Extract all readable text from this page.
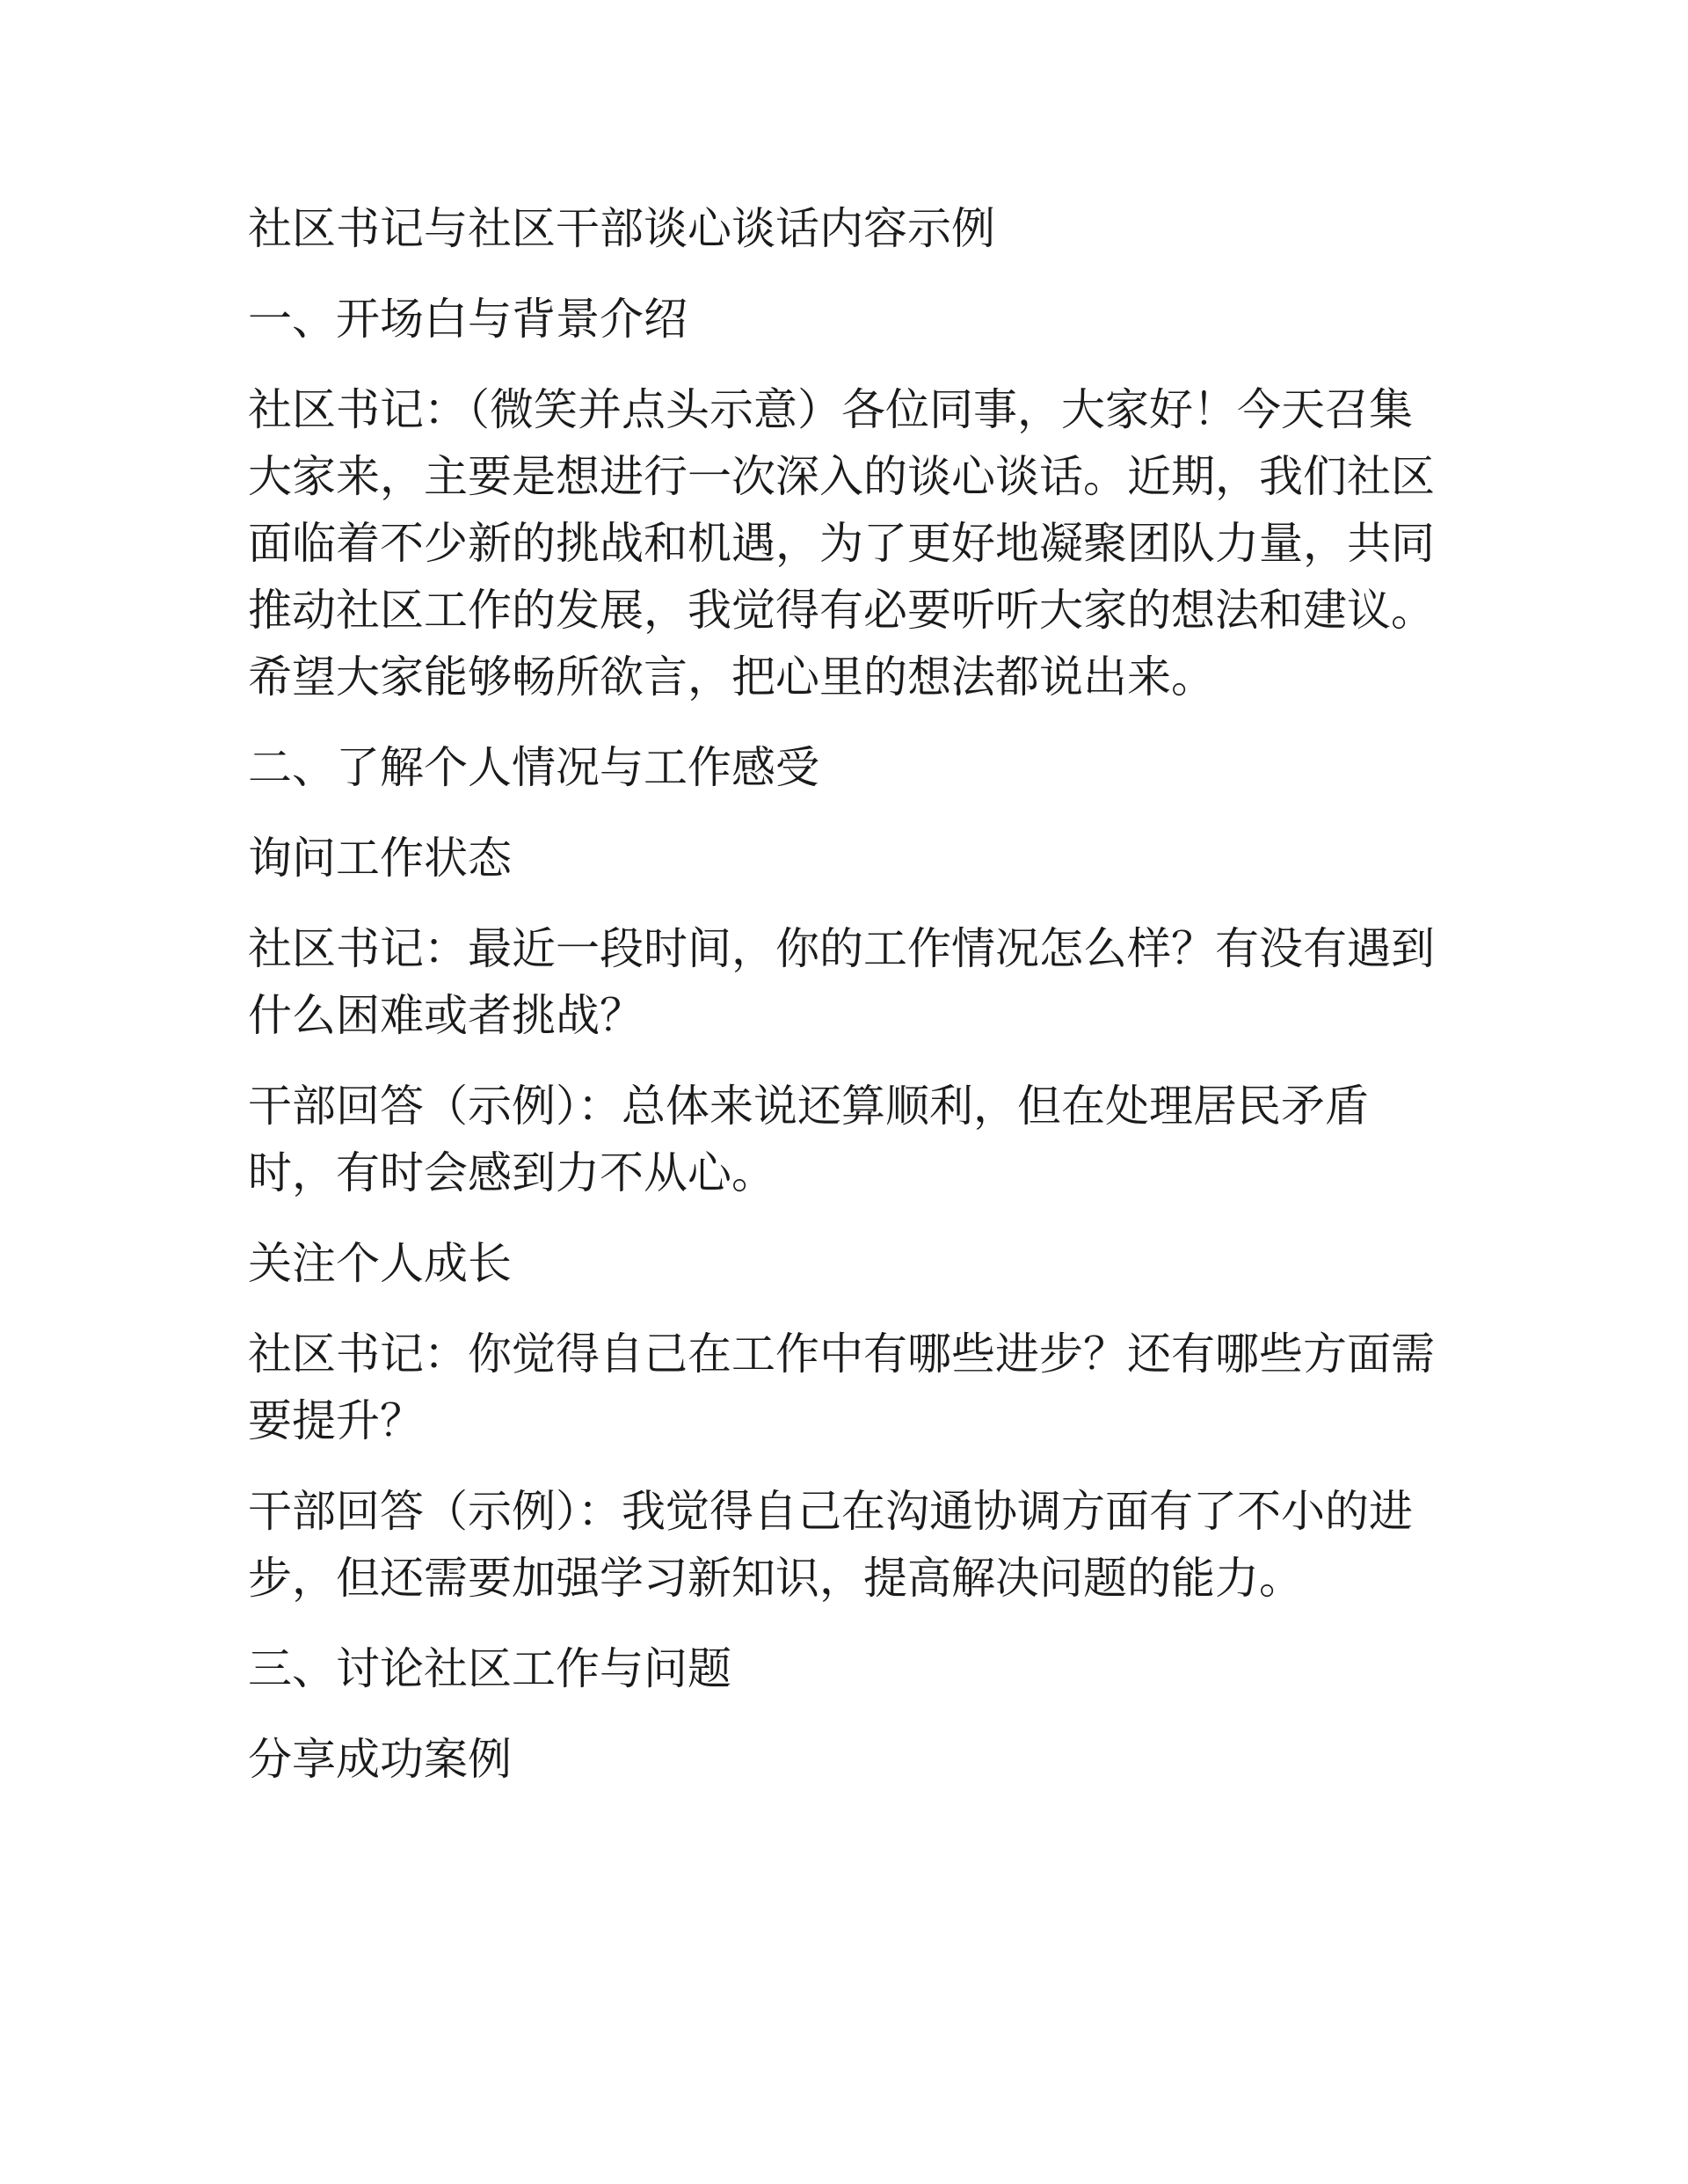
社区书记与社区干部谈心谈话内容示例

一、开场白与背景介绍

社区书记：（微笑并点头示意）各位同事，大家好！今天召集大家来，主要是想进行一次深入的谈心谈话。近期，我们社区面临着不少新的挑战和机遇，为了更好地凝聚团队力量，共同推动社区工作的发展，我觉得有必要听听大家的想法和建议。希望大家能够畅所欲言，把心里的想法都说出来。

二、了解个人情况与工作感受

询问工作状态

社区书记：最近一段时间，你的工作情况怎么样？有没有遇到什么困难或者挑战？

干部回答（示例）：总体来说还算顺利，但在处理居民矛盾时，有时会感到力不从心。

关注个人成长

社区书记：你觉得自己在工作中有哪些进步？还有哪些方面需要提升？

干部回答（示例）：我觉得自己在沟通协调方面有了不小的进步，但还需要加强学习新知识，提高解决问题的能力。

三、讨论社区工作与问题

分享成功案例
